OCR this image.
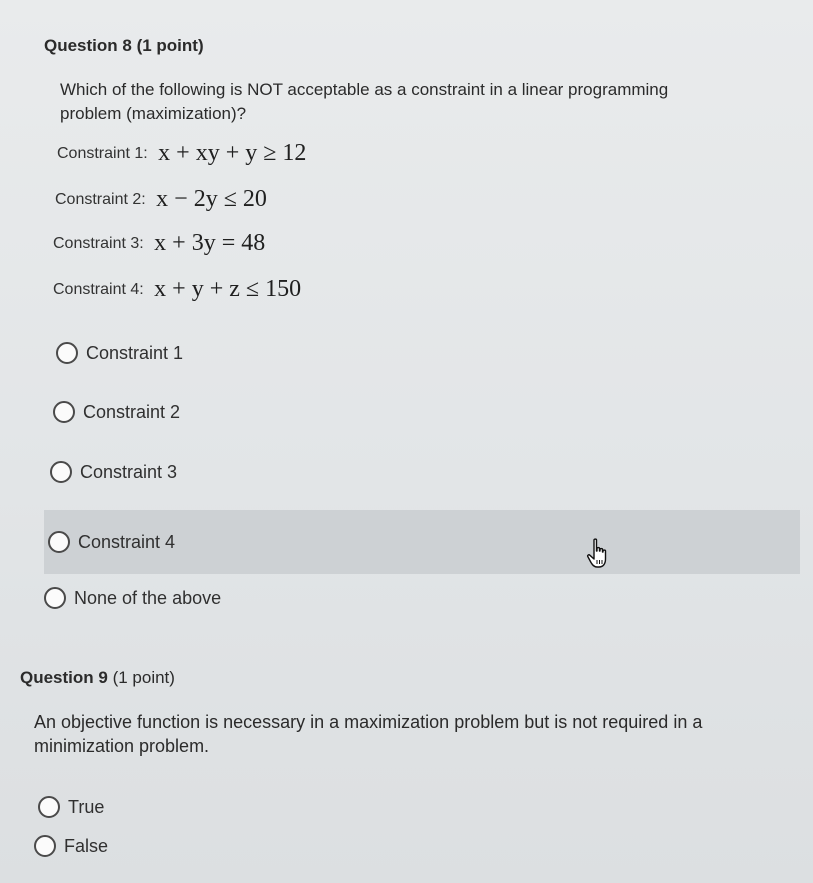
Question 8 (1 point)
Which of the following is NOT acceptable as a constraint in a linear programming problem (maximization)?
Constraint 1: x + xy + y ≥ 12
Constraint 2: x − 2y ≤ 20
Constraint 3: x + 3y = 48
Constraint 4: x + y + z ≤ 150
Constraint 1
Constraint 2
Constraint 3
Constraint 4
None of the above
Question 9 (1 point)
An objective function is necessary in a maximization problem but is not required in a minimization problem.
True
False
